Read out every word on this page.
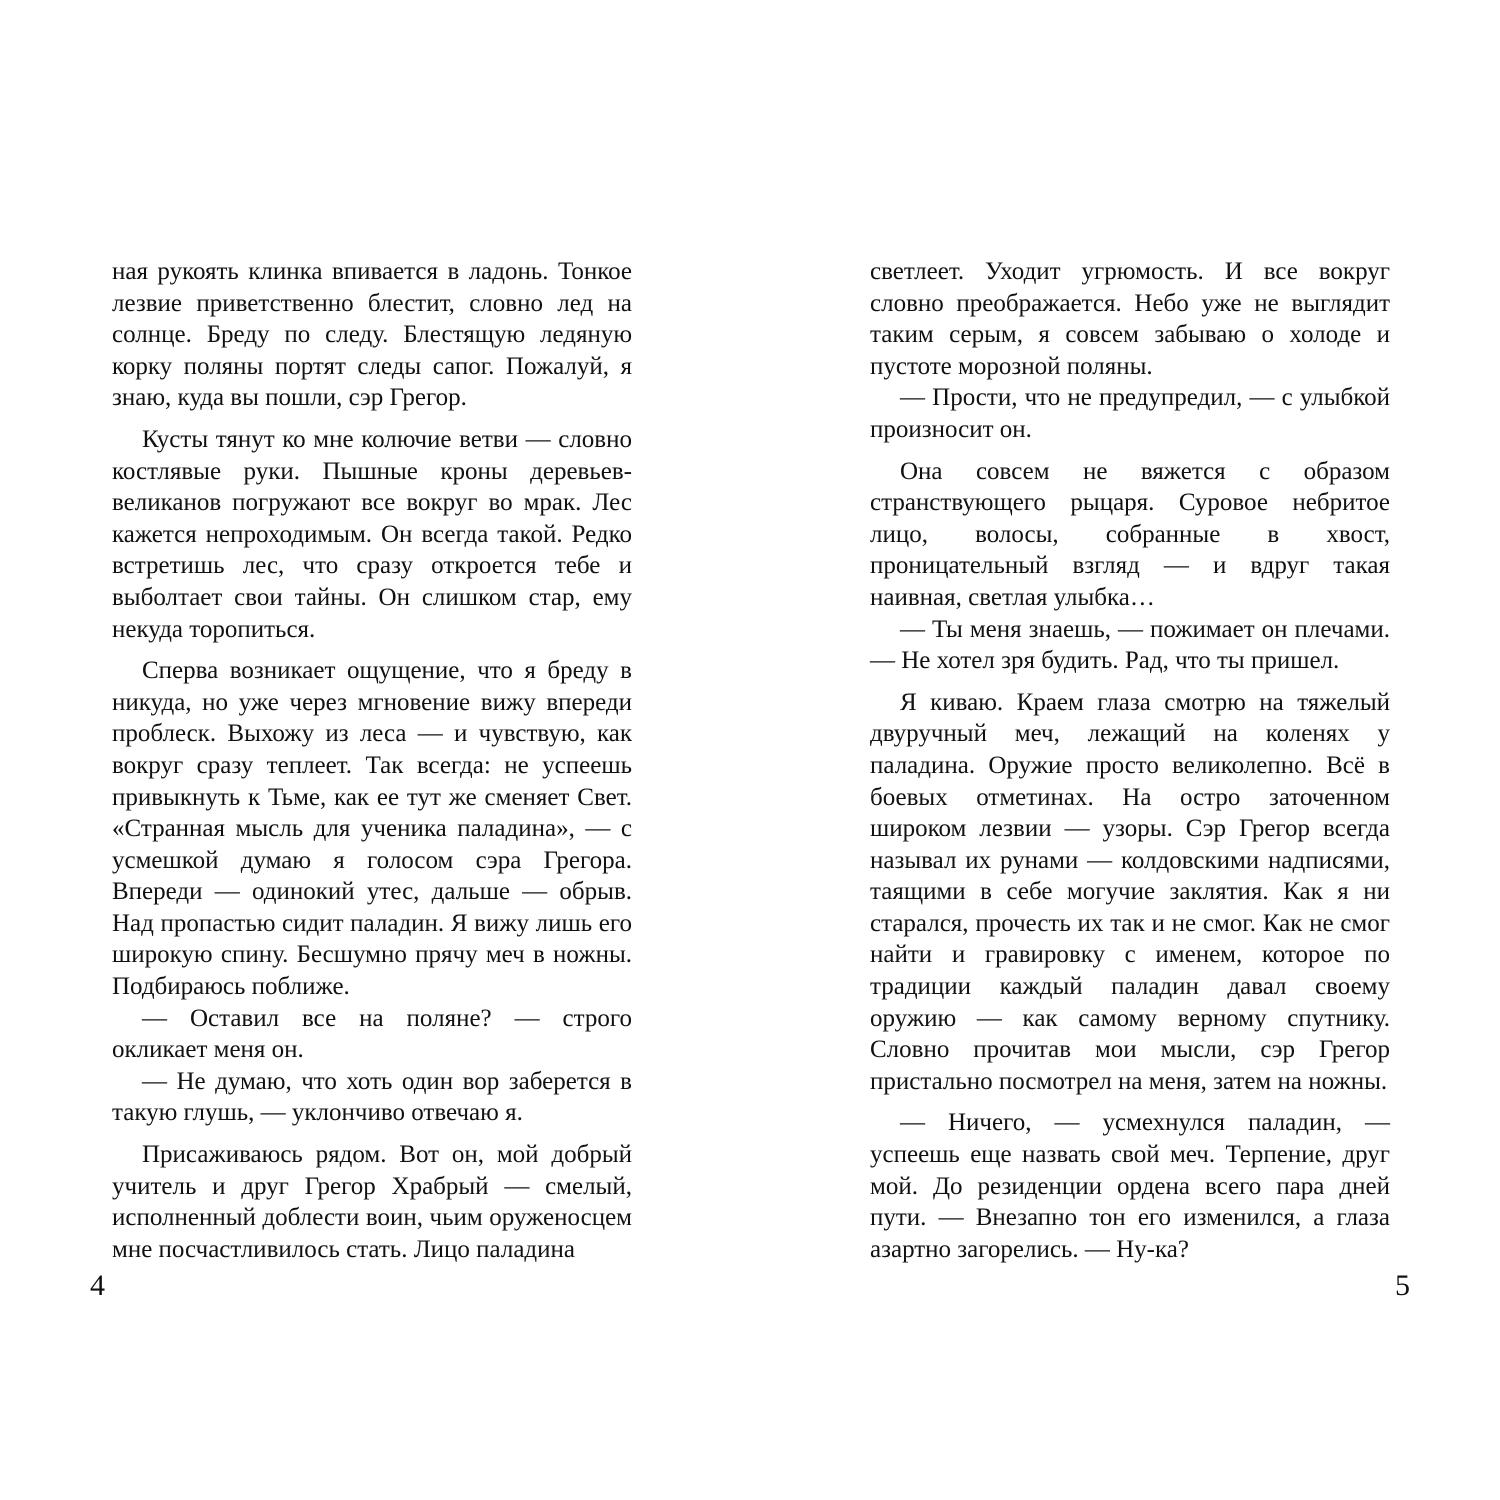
ная рукоять клинка впивается в ладонь. Тонкое лезвие приветственно блестит, словно лед на солнце. Бреду по следу. Блестящую ледяную корку поляны портят следы сапог. Пожалуй, я знаю, куда вы пошли, сэр Грегор.

Кусты тянут ко мне колючие ветви — словно костлявые руки. Пышные кроны деревьев-великанов погружают все вокруг во мрак. Лес кажется непроходимым. Он всегда такой. Редко встретишь лес, что сразу откроется тебе и выболтает свои тайны. Он слишком стар, ему некуда торопиться.

Сперва возникает ощущение, что я бреду в никуда, но уже через мгновение вижу впереди проблеск. Выхожу из леса — и чувствую, как вокруг сразу теплеет. Так всегда: не успеешь привыкнуть к Тьме, как ее тут же сменяет Свет. «Странная мысль для ученика паладина», — с усмешкой думаю я голосом сэра Грегора. Впереди — одинокий утес, дальше — обрыв. Над пропастью сидит паладин. Я вижу лишь его широкую спину. Бесшумно прячу меч в ножны. Подбираюсь поближе.

— Оставил все на поляне? — строго окликает меня он.

— Не думаю, что хоть один вор заберется в такую глушь, — уклончиво отвечаю я.

Присаживаюсь рядом. Вот он, мой добрый учитель и друг Грегор Храбрый — смелый, исполненный доблести воин, чьим оруженосцем мне посчастливилось стать. Лицо паладина

4

светлеет. Уходит угрюмость. И все вокруг словно преображается. Небо уже не выглядит таким серым, я совсем забываю о холоде и пустоте морозной поляны.

— Прости, что не предупредил, — с улыбкой произносит он.

Она совсем не вяжется с образом странствующего рыцаря. Суровое небритое лицо, волосы, собранные в хвост, проницательный взгляд — и вдруг такая наивная, светлая улыбка…

— Ты меня знаешь, — пожимает он плечами. — Не хотел зря будить. Рад, что ты пришел.

Я киваю. Краем глаза смотрю на тяжелый двуручный меч, лежащий на коленях у паладина. Оружие просто великолепно. Всё в боевых отметинах. На остро заточенном широком лезвии — узоры. Сэр Грегор всегда называл их рунами — колдовскими надписями, таящими в себе могучие заклятия. Как я ни старался, прочесть их так и не смог. Как не смог найти и гравировку с именем, которое по традиции каждый паладин давал своему оружию — как самому верному спутнику. Словно прочитав мои мысли, сэр Грегор пристально посмотрел на меня, затем на ножны.

— Ничего, — усмехнулся паладин, — успеешь еще назвать свой меч. Терпение, друг мой. До резиденции ордена всего пара дней пути. — Внезапно тон его изменился, а глаза азартно загорелись. — Ну-ка?

5
